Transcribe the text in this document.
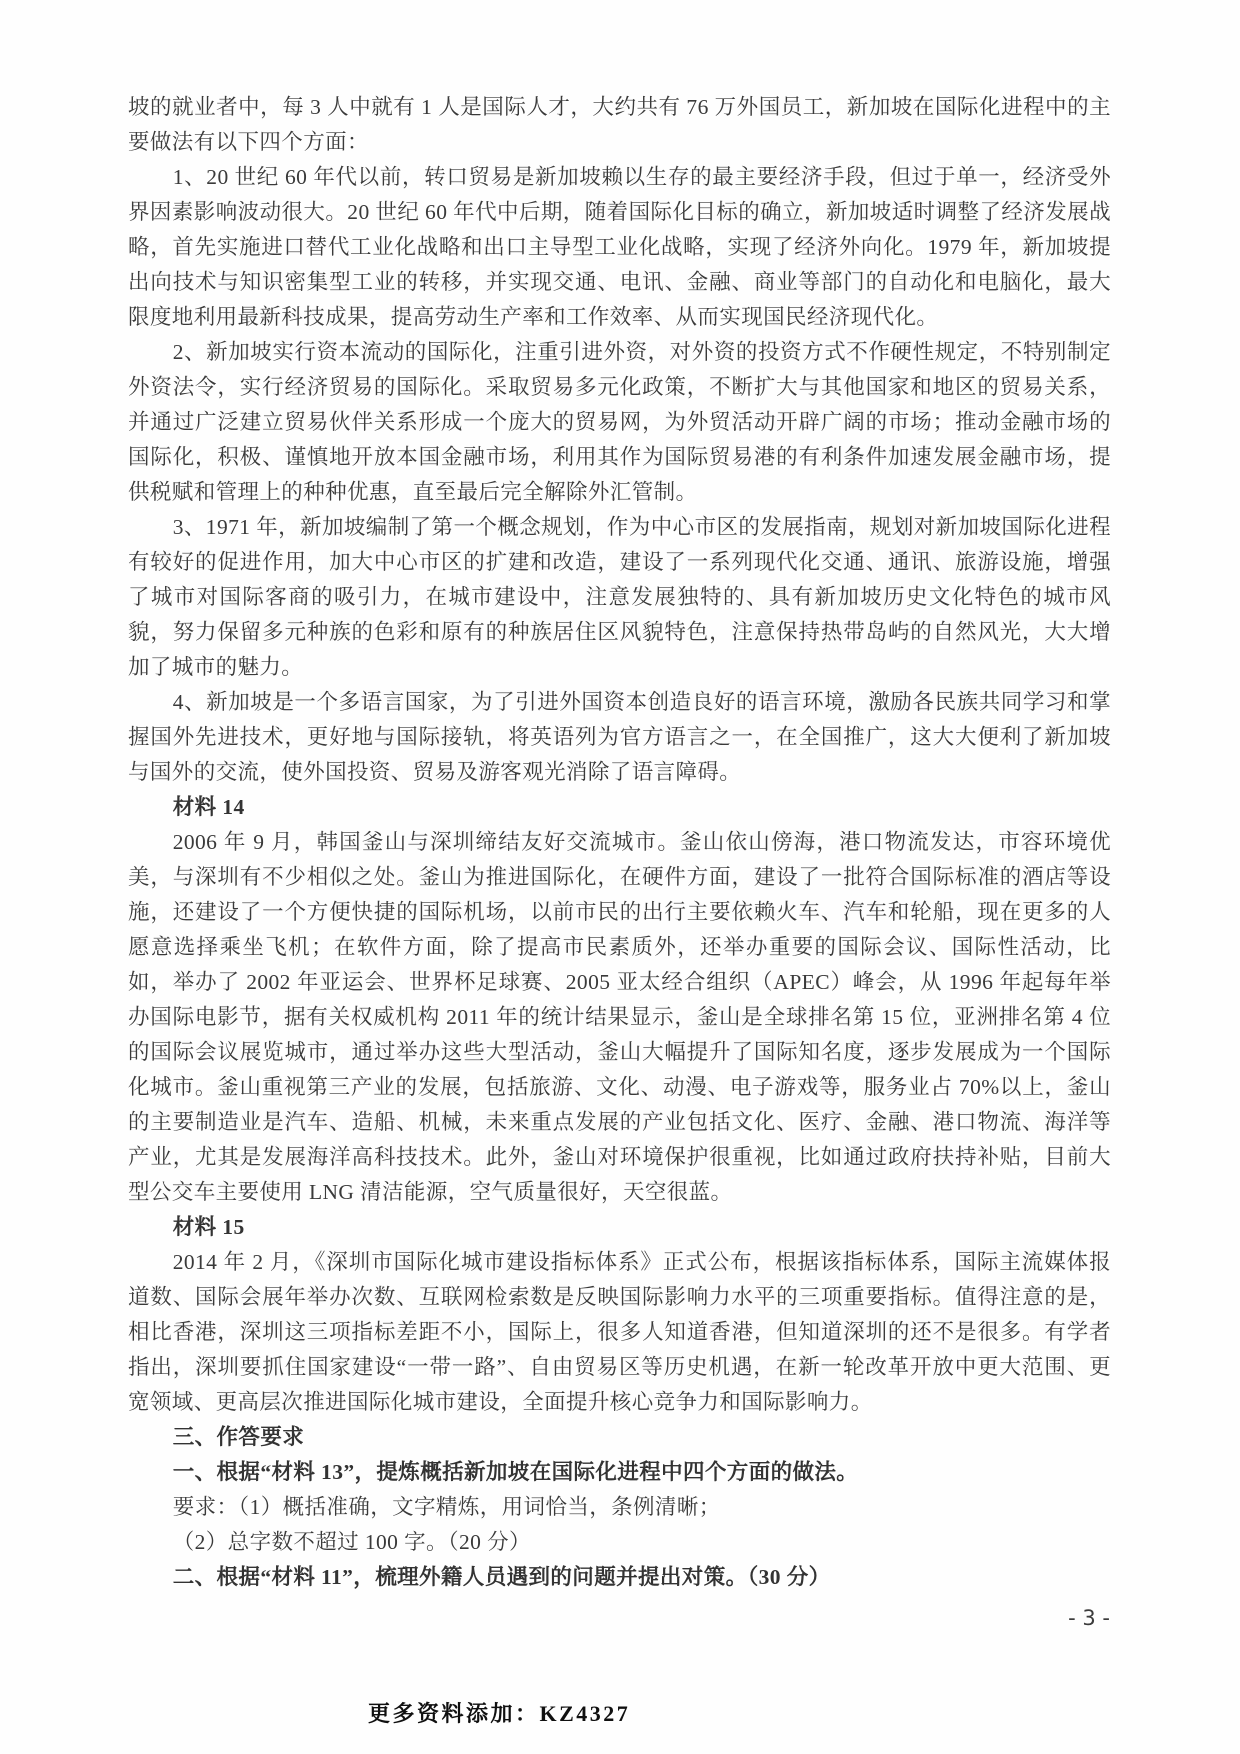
坡的就业者中，每 3 人中就有 1 人是国际人才，大约共有 76 万外国员工，新加坡在国际化进程中的主要做法有以下四个方面：

1、20 世纪 60 年代以前，转口贸易是新加坡赖以生存的最主要经济手段，但过于单一，经济受外界因素影响波动很大。20 世纪 60 年代中后期，随着国际化目标的确立，新加坡适时调整了经济发展战略，首先实施进口替代工业化战略和出口主导型工业化战略，实现了经济外向化。1979 年，新加坡提出向技术与知识密集型工业的转移，并实现交通、电讯、金融、商业等部门的自动化和电脑化，最大限度地利用最新科技成果，提高劳动生产率和工作效率、从而实现国民经济现代化。

2、新加坡实行资本流动的国际化，注重引进外资，对外资的投资方式不作硬性规定，不特别制定外资法令，实行经济贸易的国际化。采取贸易多元化政策，不断扩大与其他国家和地区的贸易关系，并通过广泛建立贸易伙伴关系形成一个庞大的贸易网，为外贸活动开辟广阔的市场；推动金融市场的国际化，积极、谨慎地开放本国金融市场，利用其作为国际贸易港的有利条件加速发展金融市场，提供税赋和管理上的种种优惠，直至最后完全解除外汇管制。

3、1971 年，新加坡编制了第一个概念规划，作为中心市区的发展指南，规划对新加坡国际化进程有较好的促进作用，加大中心市区的扩建和改造，建设了一系列现代化交通、通讯、旅游设施，增强了城市对国际客商的吸引力，在城市建设中，注意发展独特的、具有新加坡历史文化特色的城市风貌，努力保留多元种族的色彩和原有的种族居住区风貌特色，注意保持热带岛屿的自然风光，大大增加了城市的魅力。

4、新加坡是一个多语言国家，为了引进外国资本创造良好的语言环境，激励各民族共同学习和掌握国外先进技术，更好地与国际接轨，将英语列为官方语言之一，在全国推广，这大大便利了新加坡与国外的交流，使外国投资、贸易及游客观光消除了语言障碍。

材料 14

2006 年 9 月，韩国釜山与深圳缔结友好交流城市。釜山依山傍海，港口物流发达，市容环境优美，与深圳有不少相似之处。釜山为推进国际化，在硬件方面，建设了一批符合国际标准的酒店等设施，还建设了一个方便快捷的国际机场，以前市民的出行主要依赖火车、汽车和轮船，现在更多的人愿意选择乘坐飞机；在软件方面，除了提高市民素质外，还举办重要的国际会议、国际性活动，比如，举办了 2002 年亚运会、世界杯足球赛、2005 亚太经合组织（APEC）峰会，从 1996 年起每年举办国际电影节，据有关权威机构 2011 年的统计结果显示，釜山是全球排名第 15 位，亚洲排名第 4 位的国际会议展览城市，通过举办这些大型活动，釜山大幅提升了国际知名度，逐步发展成为一个国际化城市。釜山重视第三产业的发展，包括旅游、文化、动漫、电子游戏等，服务业占 70%以上，釜山的主要制造业是汽车、造船、机械，未来重点发展的产业包括文化、医疗、金融、港口物流、海洋等产业，尤其是发展海洋高科技技术。此外，釜山对环境保护很重视，比如通过政府扶持补贴，目前大型公交车主要使用 LNG 清洁能源，空气质量很好，天空很蓝。

材料 15

2014 年 2 月，《深圳市国际化城市建设指标体系》正式公布，根据该指标体系，国际主流媒体报道数、国际会展年举办次数、互联网检索数是反映国际影响力水平的三项重要指标。值得注意的是，相比香港，深圳这三项指标差距不小，国际上，很多人知道香港，但知道深圳的还不是很多。有学者指出，深圳要抓住国家建设“一带一路”、自由贸易区等历史机遇，在新一轮改革开放中更大范围、更宽领域、更高层次推进国际化城市建设，全面提升核心竞争力和国际影响力。

三、作答要求

一、根据“材料 13”，提炼概括新加坡在国际化进程中四个方面的做法。

要求：（1）概括准确，文字精炼，用词恰当，条例清晰；

（2）总字数不超过 100 字。（20 分）

二、根据“材料 11”，梳理外籍人员遇到的问题并提出对策。（30 分）

- 3 -
更多资料添加：KZ4327
